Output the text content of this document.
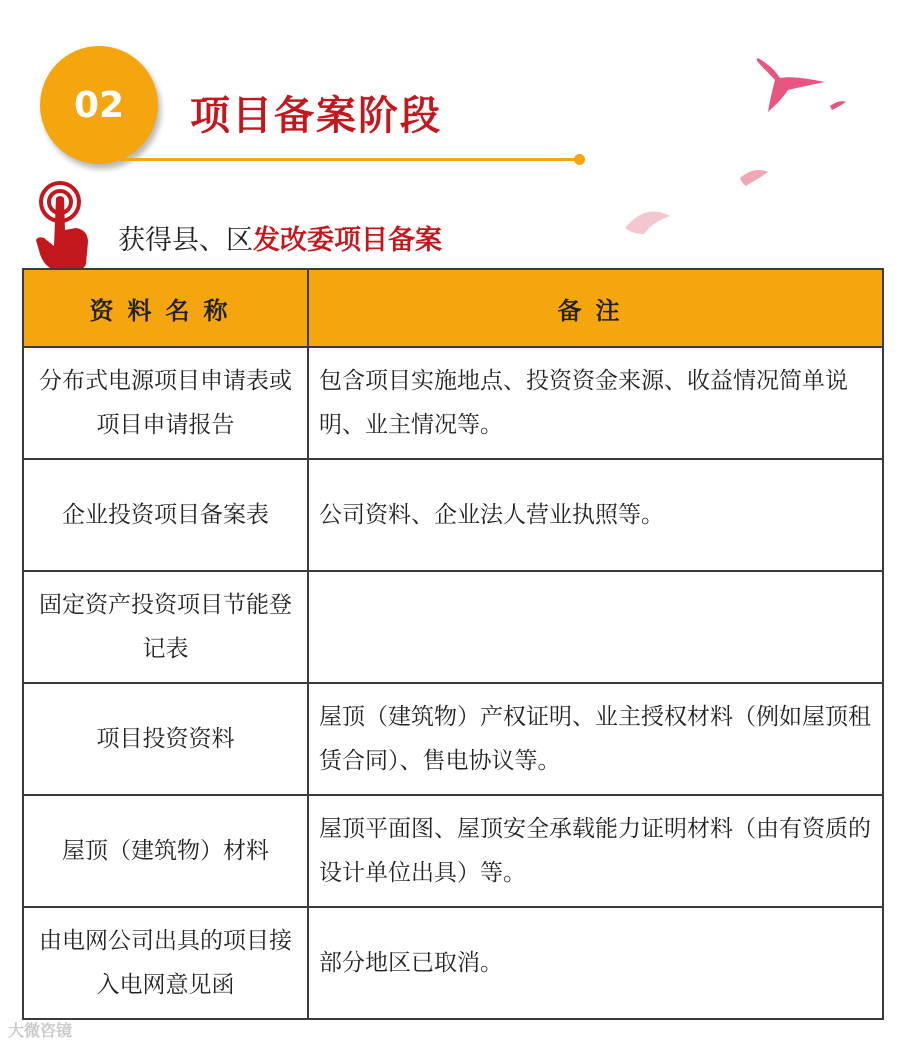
02 项目备案阶段
获得县、区发改委项目备案
资料名称	备注
分布式电源项目申请表或项目申请报告	包含项目实施地点、投资资金来源、收益情况简单说明、业主情况等。
企业投资项目备案表	公司资料、企业法人营业执照等。
固定资产投资项目节能登记表	
项目投资资料	屋顶（建筑物）产权证明、业主授权材料（例如屋顶租赁合同）、售电协议等。
屋顶（建筑物）材料	屋顶平面图、屋顶安全承载能力证明材料（由有资质的设计单位出具）等。
由电网公司出具的项目接入电网意见函	部分地区已取消。
大微咨镜
